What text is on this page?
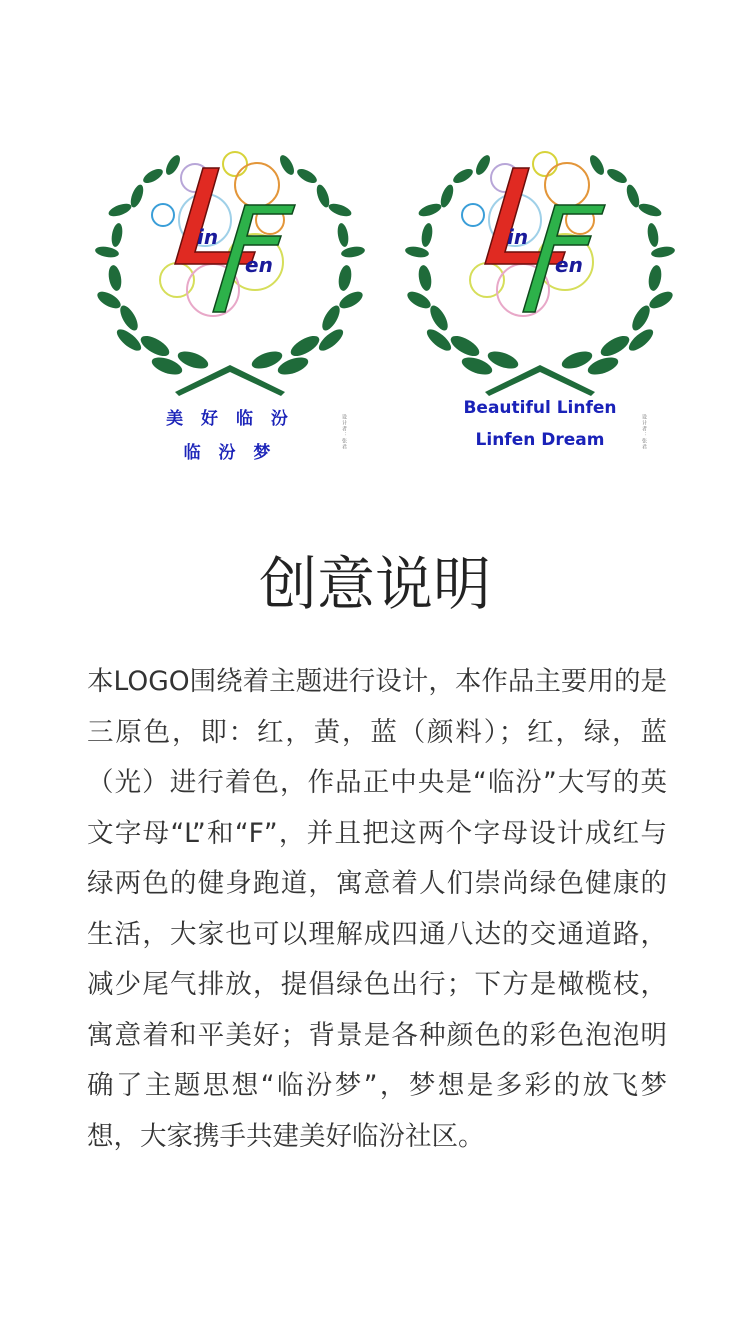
in
en
美 好 临 汾
临 汾 梦
设计者：张君
in
en
Beautiful Linfen
Linfen Dream	设计者：张君
创意说明

本LOGO围绕着主题进行设计，本作品主要用的是三原色，即：红，黄，蓝（颜料）；红，绿，蓝（光）进行着色，作品正中央是“临汾”大写的英文字母“L”和“F”，并且把这两个字母设计成红与绿两色的健身跑道，寓意着人们崇尚绿色健康的生活，大家也可以理解成四通八达的交通道路，减少尾气排放，提倡绿色出行；下方是橄榄枝，寓意着和平美好；背景是各种颜色的彩色泡泡明确了主题思想“临汾梦”，梦想是多彩的放飞梦想，大家携手共建美好临汾社区。
